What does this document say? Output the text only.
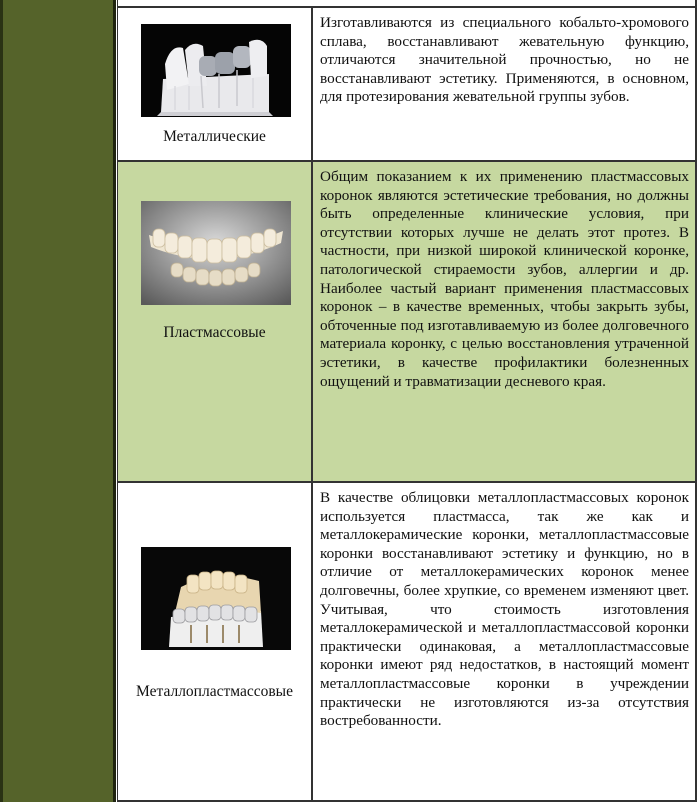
Металлические
Изготавливаются из специального кобальто-хромового сплава, восстанавливают жевательную функцию, отличаются значительной прочностью, но не восстанавливают эстетику. Применяются, в основном, для протезирования жевательной группы зубов.
Пластмассовые
Общим показанием к их применению пластмассовых коронок являются эстетические требования, но должны быть определенные клинические условия, при отсутствии которых лучше не делать этот протез. В частности, при низкой широкой клинической коронке, патологической стираемости зубов, аллергии и др. Наиболее частый вариант применения пластмассовых коронок – в качестве временных, чтобы закрыть зубы, обточенные под изготавливаемую из более долговечного материала коронку, с целью восстановления утраченной эстетики, в качестве профилактики болезненных ощущений и травматизации десневого края.
Металлопластмассовые
В качестве облицовки металлопластмассовых коронок используется пластмасса, так же как и металлокерамические коронки, металлопластмассовые коронки восстанавливают эстетику и функцию, но в отличие от металлокерамических коронок менее долговечны, более хрупкие, со временем изменяют цвет. Учитывая, что стоимость изготовления металлокерамической и металлопластмассовой коронки практически одинаковая, а металлопластмассовые коронки имеют ряд недостатков, в настоящий момент металлопластмассовые коронки в учреждении практически не изготовляются из-за отсутствия востребованности.
